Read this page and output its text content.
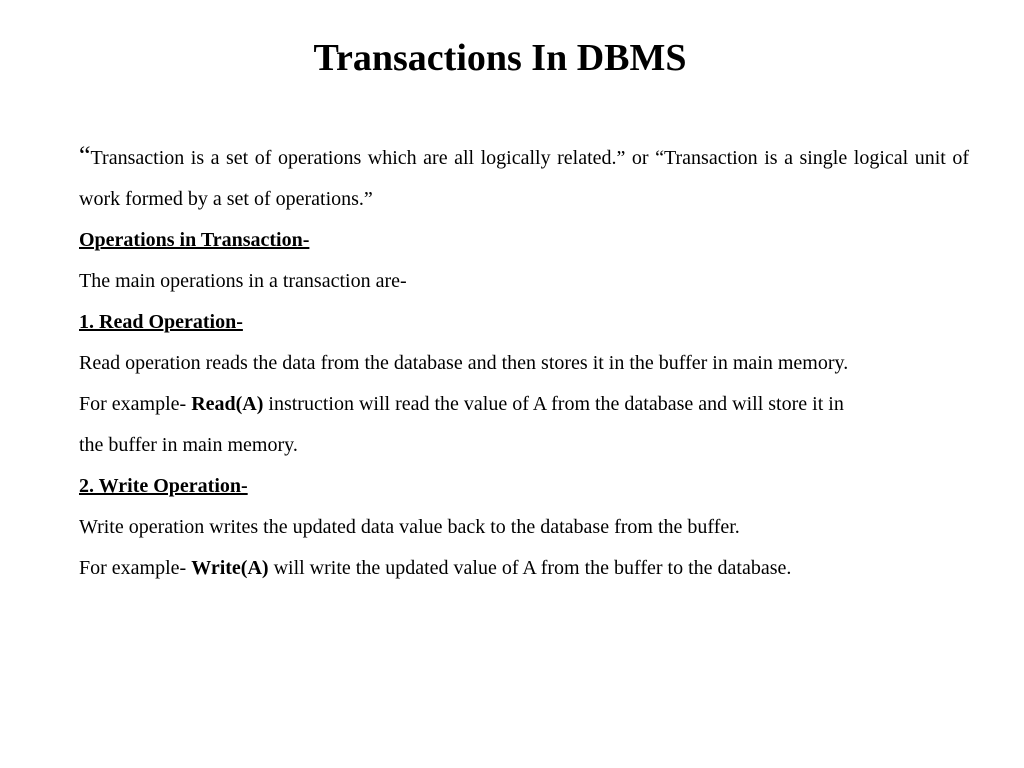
Transactions In DBMS

“Transaction is a set of operations which are all logically related.” or “Transaction is a single logical unit of work formed by a set of operations.”

Operations in Transaction-

The main operations in a transaction are-

1. Read Operation-

Read operation reads the data from the database and then stores it in the buffer in main memory.

For example- Read(A) instruction will read the value of A from the database and will store it in
the buffer in main memory.

2. Write Operation-

Write operation writes the updated data value back to the database from the buffer.

For example- Write(A) will write the updated value of A from the buffer to the database.
